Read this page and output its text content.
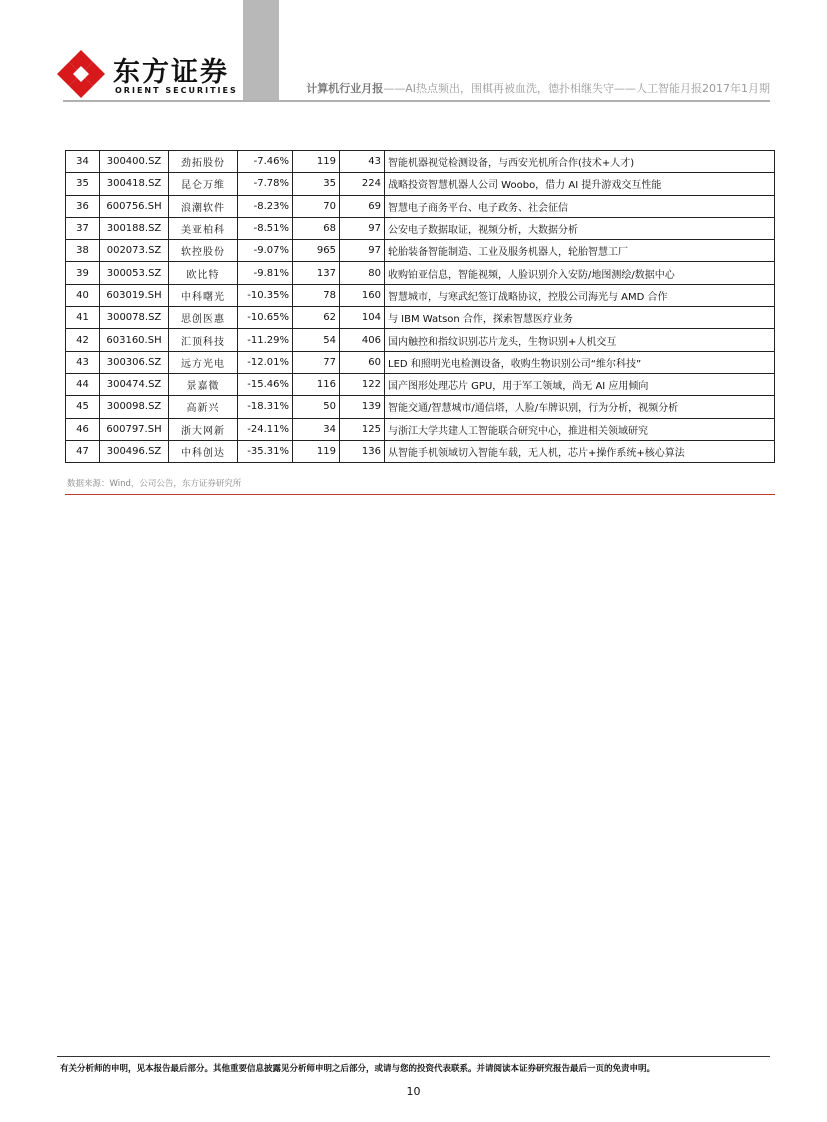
东方证券
ORIENT SECURITIES	计算机行业月报——AI热点频出，围棋再被血洗，德扑相继失守——人工智能月报2017年1月期
34	300400.SZ	劲拓股份	-7.46%	119	43	智能机器视觉检测设备，与西安光机所合作(技术+人才)
35	300418.SZ	昆仑万维	-7.78%	35	224	战略投资智慧机器人公司 Woobo，借力 AI 提升游戏交互性能
36	600756.SH	浪潮软件	-8.23%	70	69	智慧电子商务平台、电子政务、社会征信
37	300188.SZ	美亚柏科	-8.51%	68	97	公安电子数据取证，视频分析，大数据分析
38	002073.SZ	软控股份	-9.07%	965	97	轮胎装备智能制造、工业及服务机器人，轮胎智慧工厂
39	300053.SZ	欧比特	-9.81%	137	80	收购铂亚信息，智能视频，人脸识别介入安防/地图测绘/数据中心
40	603019.SH	中科曙光	-10.35%	78	160	智慧城市，与寒武纪签订战略协议，控股公司海光与 AMD 合作
41	300078.SZ	思创医惠	-10.65%	62	104	与 IBM Watson 合作，探索智慧医疗业务
42	603160.SH	汇顶科技	-11.29%	54	406	国内触控和指纹识别芯片龙头，生物识别+人机交互
43	300306.SZ	远方光电	-12.01%	77	60	LED 和照明光电检测设备，收购生物识别公司“维尔科技”
44	300474.SZ	景嘉微	-15.46%	116	122	国产图形处理芯片 GPU，用于军工领域，尚无 AI 应用倾向
45	300098.SZ	高新兴	-18.31%	50	139	智能交通/智慧城市/通信塔，人脸/车牌识别，行为分析，视频分析
46	600797.SH	浙大网新	-24.11%	34	125	与浙江大学共建人工智能联合研究中心，推进相关领域研究
47	300496.SZ	中科创达	-35.31%	119	136	从智能手机领域切入智能车载，无人机，芯片+操作系统+核心算法
数据来源：Wind，公司公告，东方证券研究所
有关分析师的申明，见本报告最后部分。其他重要信息披露见分析师申明之后部分，或请与您的投资代表联系。并请阅读本证券研究报告最后一页的免责申明。
10
